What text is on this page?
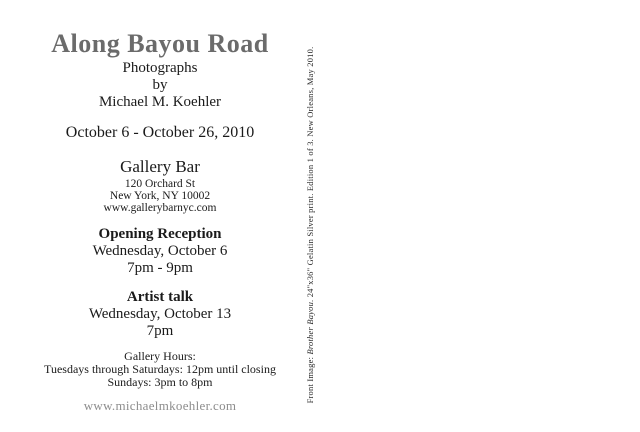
Along Bayou Road
Photographs
by
Michael M. Koehler
October 6 - October 26, 2010
Gallery Bar
120 Orchard St
New York, NY 10002
www.gallerybarnyc.com
Opening Reception
Wednesday, October 6
7pm - 9pm
Artist talk
Wednesday, October 13
7pm
Gallery Hours:
Tuesdays through Saturdays: 12pm until closing
Sundays: 3pm to 8pm
www.michaelmkoehler.com
Front Image: Brother Bayou. 24"x36" Gelatin Silver print. Edition 1 of 3. New Orleans, May 2010.
